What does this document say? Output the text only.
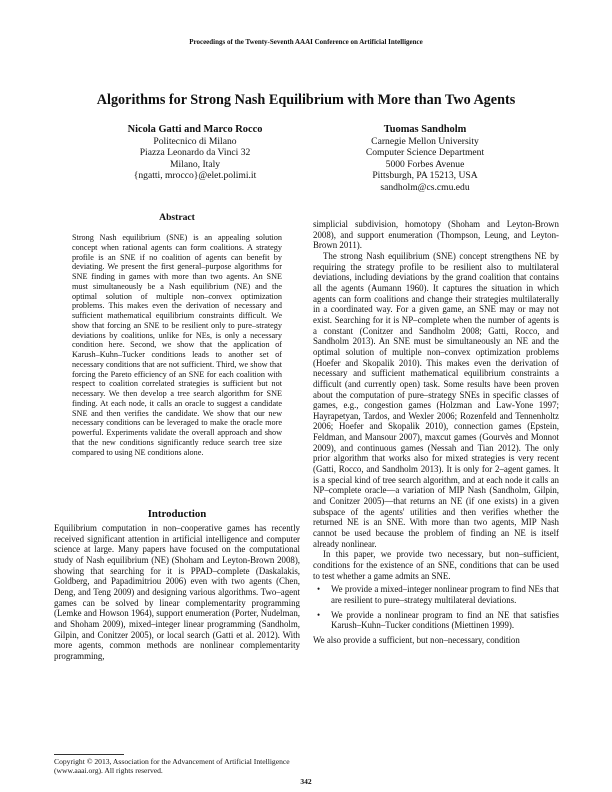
Proceedings of the Twenty-Seventh AAAI Conference on Artificial Intelligence
Algorithms for Strong Nash Equilibrium with More than Two Agents
Nicola Gatti and Marco Rocco
Politecnico di Milano
Piazza Leonardo da Vinci 32
Milano, Italy
{ngatti, mrocco}@elet.polimi.it
Tuomas Sandholm
Carnegie Mellon University
Computer Science Department
5000 Forbes Avenue
Pittsburgh, PA 15213, USA
sandholm@cs.cmu.edu
Abstract
Strong Nash equilibrium (SNE) is an appealing solution concept when rational agents can form coalitions. A strategy profile is an SNE if no coalition of agents can benefit by deviating. We present the first general–purpose algorithms for SNE finding in games with more than two agents. An SNE must simultaneously be a Nash equilibrium (NE) and the optimal solution of multiple non–convex optimization problems. This makes even the derivation of necessary and sufficient mathematical equilibrium constraints difficult. We show that forcing an SNE to be resilient only to pure–strategy deviations by coalitions, unlike for NEs, is only a necessary condition here. Second, we show that the application of Karush–Kuhn–Tucker conditions leads to another set of necessary conditions that are not sufficient. Third, we show that forcing the Pareto efficiency of an SNE for each coalition with respect to coalition correlated strategies is sufficient but not necessary. We then develop a tree search algorithm for SNE finding. At each node, it calls an oracle to suggest a candidate SNE and then verifies the candidate. We show that our new necessary conditions can be leveraged to make the oracle more powerful. Experiments validate the overall approach and show that the new conditions significantly reduce search tree size compared to using NE conditions alone.
Introduction
Equilibrium computation in non–cooperative games has recently received significant attention in artificial intelligence and computer science at large. Many papers have focused on the computational study of Nash equilibrium (NE) (Shoham and Leyton-Brown 2008), showing that searching for it is PPAD–complete (Daskalakis, Goldberg, and Papadimitriou 2006) even with two agents (Chen, Deng, and Teng 2009) and designing various algorithms. Two–agent games can be solved by linear complementarity programming (Lemke and Howson 1964), support enumeration (Porter, Nudelman, and Shoham 2009), mixed–integer linear programming (Sandholm, Gilpin, and Conitzer 2005), or local search (Gatti et al. 2012). With more agents, common methods are nonlinear complementarity programming,

simplicial subdivision, homotopy (Shoham and Leyton-Brown 2008), and support enumeration (Thompson, Leung, and Leyton-Brown 2011).

The strong Nash equilibrium (SNE) concept strengthens NE by requiring the strategy profile to be resilient also to multilateral deviations, including deviations by the grand coalition that contains all the agents (Aumann 1960). It captures the situation in which agents can form coalitions and change their strategies multilaterally in a coordinated way. For a given game, an SNE may or may not exist. Searching for it is NP–complete when the number of agents is a constant (Conitzer and Sandholm 2008; Gatti, Rocco, and Sandholm 2013). An SNE must be simultaneously an NE and the optimal solution of multiple non–convex optimization problems (Hoefer and Skopalik 2010). This makes even the derivation of necessary and sufficient mathematical equilibrium constraints a difficult (and currently open) task. Some results have been proven about the computation of pure–strategy SNEs in specific classes of games, e.g., congestion games (Holzman and Law-Yone 1997; Hayrapetyan, Tardos, and Wexler 2006; Rozenfeld and Tennenholtz 2006; Hoefer and Skopalik 2010), connection games (Epstein, Feldman, and Mansour 2007), maxcut games (Gourvès and Monnot 2009), and continuous games (Nessah and Tian 2012). The only prior algorithm that works also for mixed strategies is very recent (Gatti, Rocco, and Sandholm 2013). It is only for 2–agent games. It is a special kind of tree search algorithm, and at each node it calls an NP–complete oracle—a variation of MIP Nash (Sandholm, Gilpin, and Conitzer 2005)—that returns an NE (if one exists) in a given subspace of the agents' utilities and then verifies whether the returned NE is an SNE. With more than two agents, MIP Nash cannot be used because the problem of finding an NE is itself already nonlinear.

In this paper, we provide two necessary, but non–sufficient, conditions for the existence of an SNE, conditions that can be used to test whether a game admits an SNE.

• We provide a mixed–integer nonlinear program to find NEs that are resilient to pure–strategy multilateral deviations.
• We provide a nonlinear program to find an NE that satisfies Karush–Kuhn–Tucker conditions (Miettinen 1999).

We also provide a sufficient, but non–necessary, condition

Copyright © 2013, Association for the Advancement of Artificial Intelligence (www.aaai.org). All rights reserved.
342
